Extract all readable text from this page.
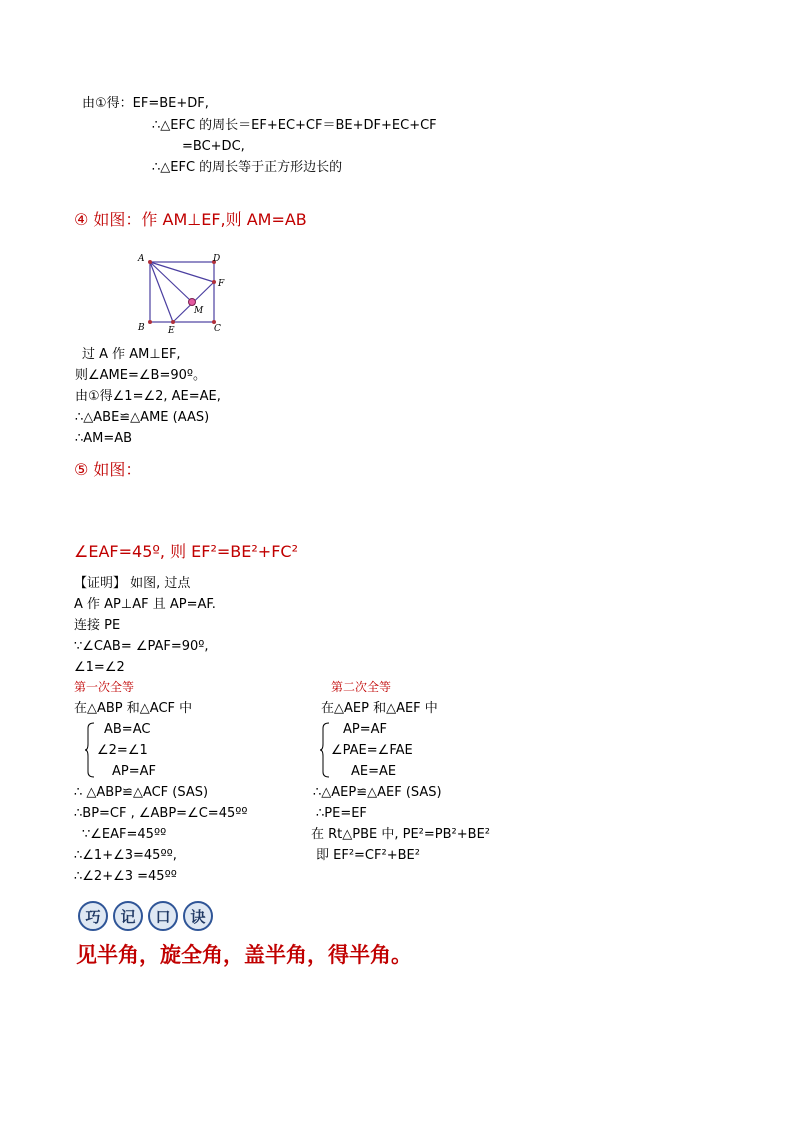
由①得：EF=BE+DF,
∴△EFC 的周长＝EF+EC+CF＝BE+DF+EC+CF
=BC+DC,
∴△EFC 的周长等于正方形边长的
④ 如图：作 AM⊥EF,则 AM=AB
A	D
F
M
B	E	C
过 A 作 AM⊥EF,
则∠AME=∠B=90º。
由①得∠1=∠2, AE=AE,
∴△ABE≌△AME (AAS)
∴AM=AB
⑤ 如图：
∠EAF=45º, 则 EF²=BE²+FC²
【证明】 如图, 过点
A 作 AP⊥AF 且 AP=AF.
连接 PE
∵∠CAB= ∠PAF=90º,
∠1=∠2
第一次全等
在△ABP 和△ACF 中
AB=AC
∠2=∠1
AP=AF
∴ △ABP≌△ACF (SAS)
∴BP=CF , ∠ABP=∠C=45ºº
∵∠EAF=45ºº
∴∠1+∠3=45ºº,
∴∠2+∠3 =45ºº
第二次全等
在△AEP 和△AEF 中
AP=AF
∠PAE=∠FAE
AE=AE
∴△AEP≌△AEF (SAS)
∴PE=EF
在 Rt△PBE 中, PE²=PB²+BE²
即 EF²=CF²+BE²
巧	记	口	诀
见半角，旋全角，盖半角，得半角。
